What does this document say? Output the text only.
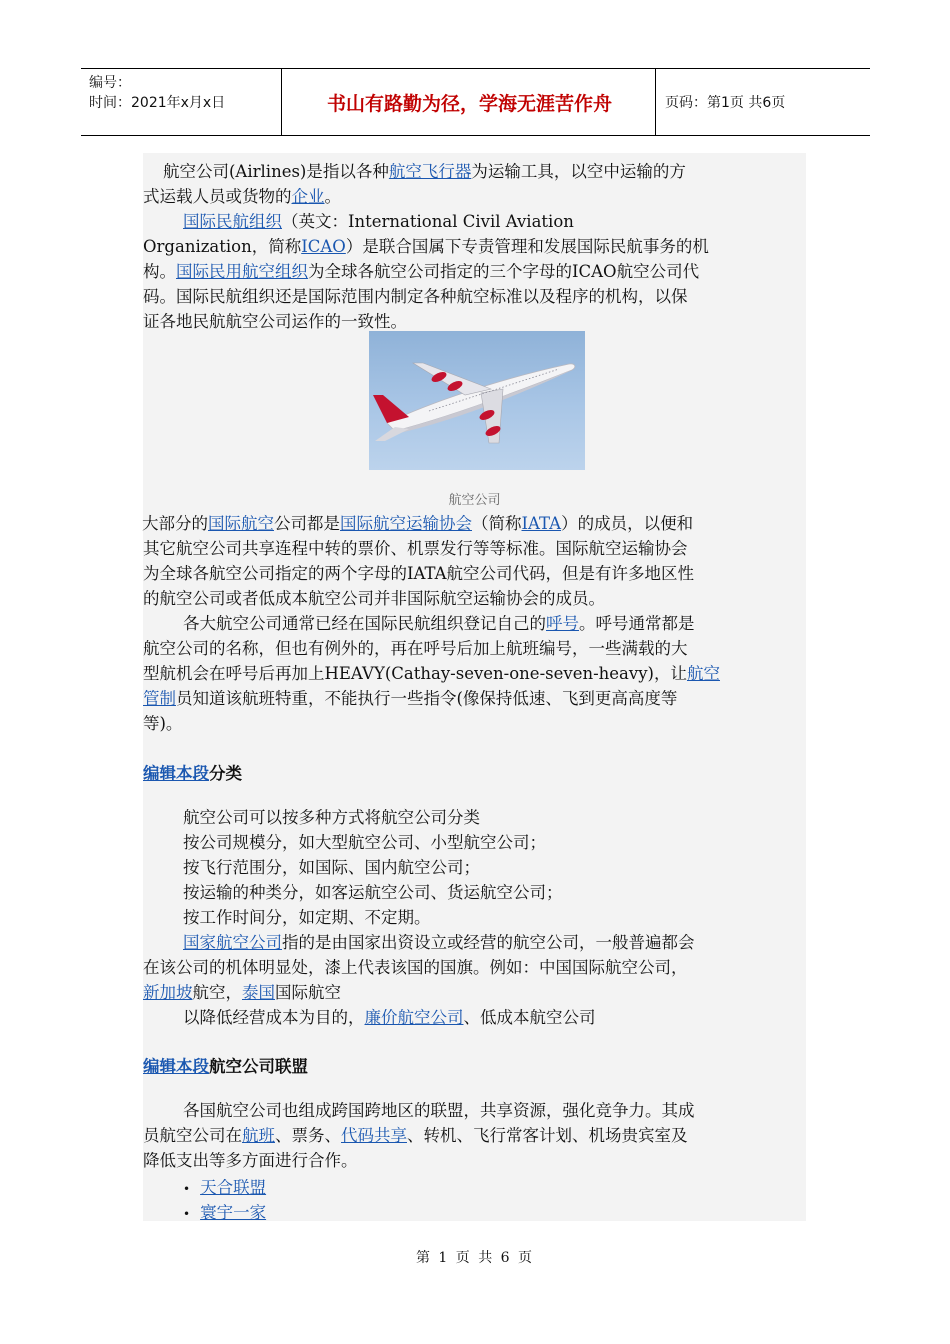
编号：
时间：2021年x月x日	书山有路勤为径，学海无涯苦作舟	页码：第1页 共6页
航空公司(Airlines)是指以各种航空飞行器为运输工具，以空中运输的方
式运载人员或货物的企业。
国际民航组织（英文：International Civil Aviation
Organization，简称ICAO）是联合国属下专责管理和发展国际民航事务的机
构。国际民用航空组织为全球各航空公司指定的三个字母的ICAO航空公司代
码。国际民航组织还是国际范围内制定各种航空标准以及程序的机构，以保
证各地民航航空公司运作的一致性。
航空公司
大部分的国际航空公司都是国际航空运输协会（简称IATA）的成员，以便和
其它航空公司共享连程中转的票价、机票发行等等标准。国际航空运输协会
为全球各航空公司指定的两个字母的IATA航空公司代码，但是有许多地区性
的航空公司或者低成本航空公司并非国际航空运输协会的成员。
各大航空公司通常已经在国际民航组织登记自己的呼号。呼号通常都是
航空公司的名称，但也有例外的，再在呼号后加上航班编号，一些满载的大
型航机会在呼号后再加上HEAVY(Cathay-seven-one-seven-heavy)，让航空
管制员知道该航班特重，不能执行一些指令(像保持低速、飞到更高高度等
等)。
编辑本段分类
航空公司可以按多种方式将航空公司分类
按公司规模分，如大型航空公司、小型航空公司；
按飞行范围分，如国际、国内航空公司；
按运输的种类分，如客运航空公司、货运航空公司；
按工作时间分，如定期、不定期。
国家航空公司指的是由国家出资设立或经营的航空公司，一般普遍都会
在该公司的机体明显处，漆上代表该国的国旗。例如：中国国际航空公司，
新加坡航空，泰国国际航空
以降低经营成本为目的，廉价航空公司、低成本航空公司
编辑本段航空公司联盟
各国航空公司也组成跨国跨地区的联盟，共享资源，强化竞争力。其成
员航空公司在航班、票务、代码共享、转机、飞行常客计划、机场贵宾室及
降低支出等多方面进行合作。
• 天合联盟
• 寰宇一家
第 1 页 共 6 页
